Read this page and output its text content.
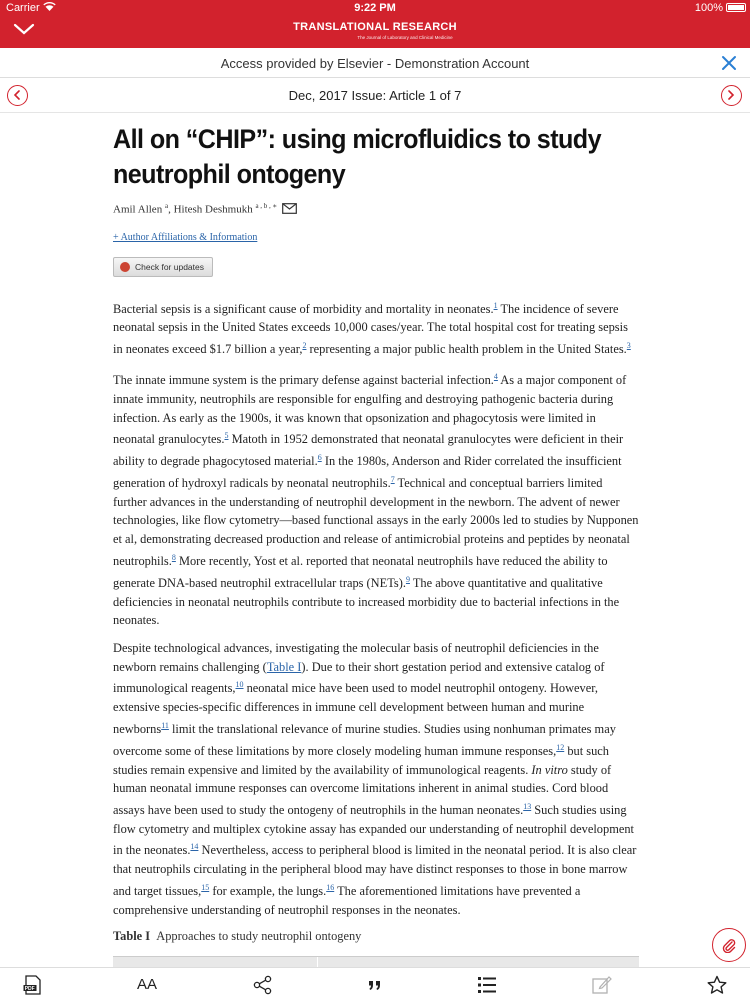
Carrier	9:22 PM	100%
TRANSLATIONAL RESEARCH
The Journal of Laboratory and Clinical Medicine
Access provided by Elsevier - Demonstration Account
Dec, 2017 Issue: Article 1 of 7
All on “CHIP”: using microfluidics to study neutrophil ontogeny
Amil Allen $^a$, Hitesh Deshmukh $^{a , b , ∗}$
+ Author Affiliations & Information
Check for updates

Bacterial sepsis is a significant cause of morbidity and mortality in neonates.$^1$ The incidence of severe neonatal sepsis in the United States exceeds 10,000 cases/year. The total hospital cost for treating sepsis in neonates exceed $1.7 billion a year,$^2$ representing a major public health problem in the United States.$^3$

The innate immune system is the primary defense against bacterial infection.$^4$ As a major component of innate immunity, neutrophils are responsible for engulfing and destroying pathogenic bacteria during infection. As early as the 1900s, it was known that opsonization and phagocytosis were limited in neonatal granulocytes.$^5$ Matoth in 1952 demonstrated that neonatal granulocytes were deficient in their ability to degrade phagocytosed material.$^6$ In the 1980s, Anderson and Rider correlated the insufficient generation of hydroxyl radicals by neonatal neutrophils.$^7$ Technical and conceptual barriers limited further advances in the understanding of neutrophil development in the newborn. The advent of newer technologies, like flow cytometry—based functional assays in the early 2000s led to studies by Nupponen et al, demonstrating decreased production and release of antimicrobial proteins and peptides by neonatal neutrophils.$^8$ More recently, Yost et al. reported that neonatal neutrophils have reduced the ability to generate DNA-based neutrophil extracellular traps (NETs).$^9$ The above quantitative and qualitative deficiencies in neonatal neutrophils contribute to increased morbidity due to bacterial infections in the neonates.

Despite technological advances, investigating the molecular basis of neutrophil deficiencies in the newborn remains challenging (Table I). Due to their short gestation period and extensive catalog of immunological reagents,$^{10}$ neonatal mice have been used to model neutrophil ontogeny. However, extensive species-specific differences in immune cell development between human and murine newborns$^{11}$ limit the translational relevance of murine studies. Studies using nonhuman primates may overcome some of these limitations by more closely modeling human immune responses,$^{12}$ but such studies remain expensive and limited by the availability of immunological reagents. In vitro study of human neonatal immune responses can overcome limitations inherent in animal studies. Cord blood assays have been used to study the ontogeny of neutrophils in the human neonates.$^{13}$ Such studies using flow cytometry and multiplex cytokine assay has expanded our understanding of neutrophil development in the neonates.$^{14}$ Nevertheless, access to peripheral blood is limited in the neonatal period. It is also clear that neutrophils circulating in the peripheral blood may have distinct responses to those in bone marrow and target tissues,$^{15}$ for example, the lungs.$^{16}$ The aforementioned limitations have prevented a comprehensive understanding of neutrophil responses in the neonates.

Table I Approaches to study neutrophil ontogeny
PDF	AA
